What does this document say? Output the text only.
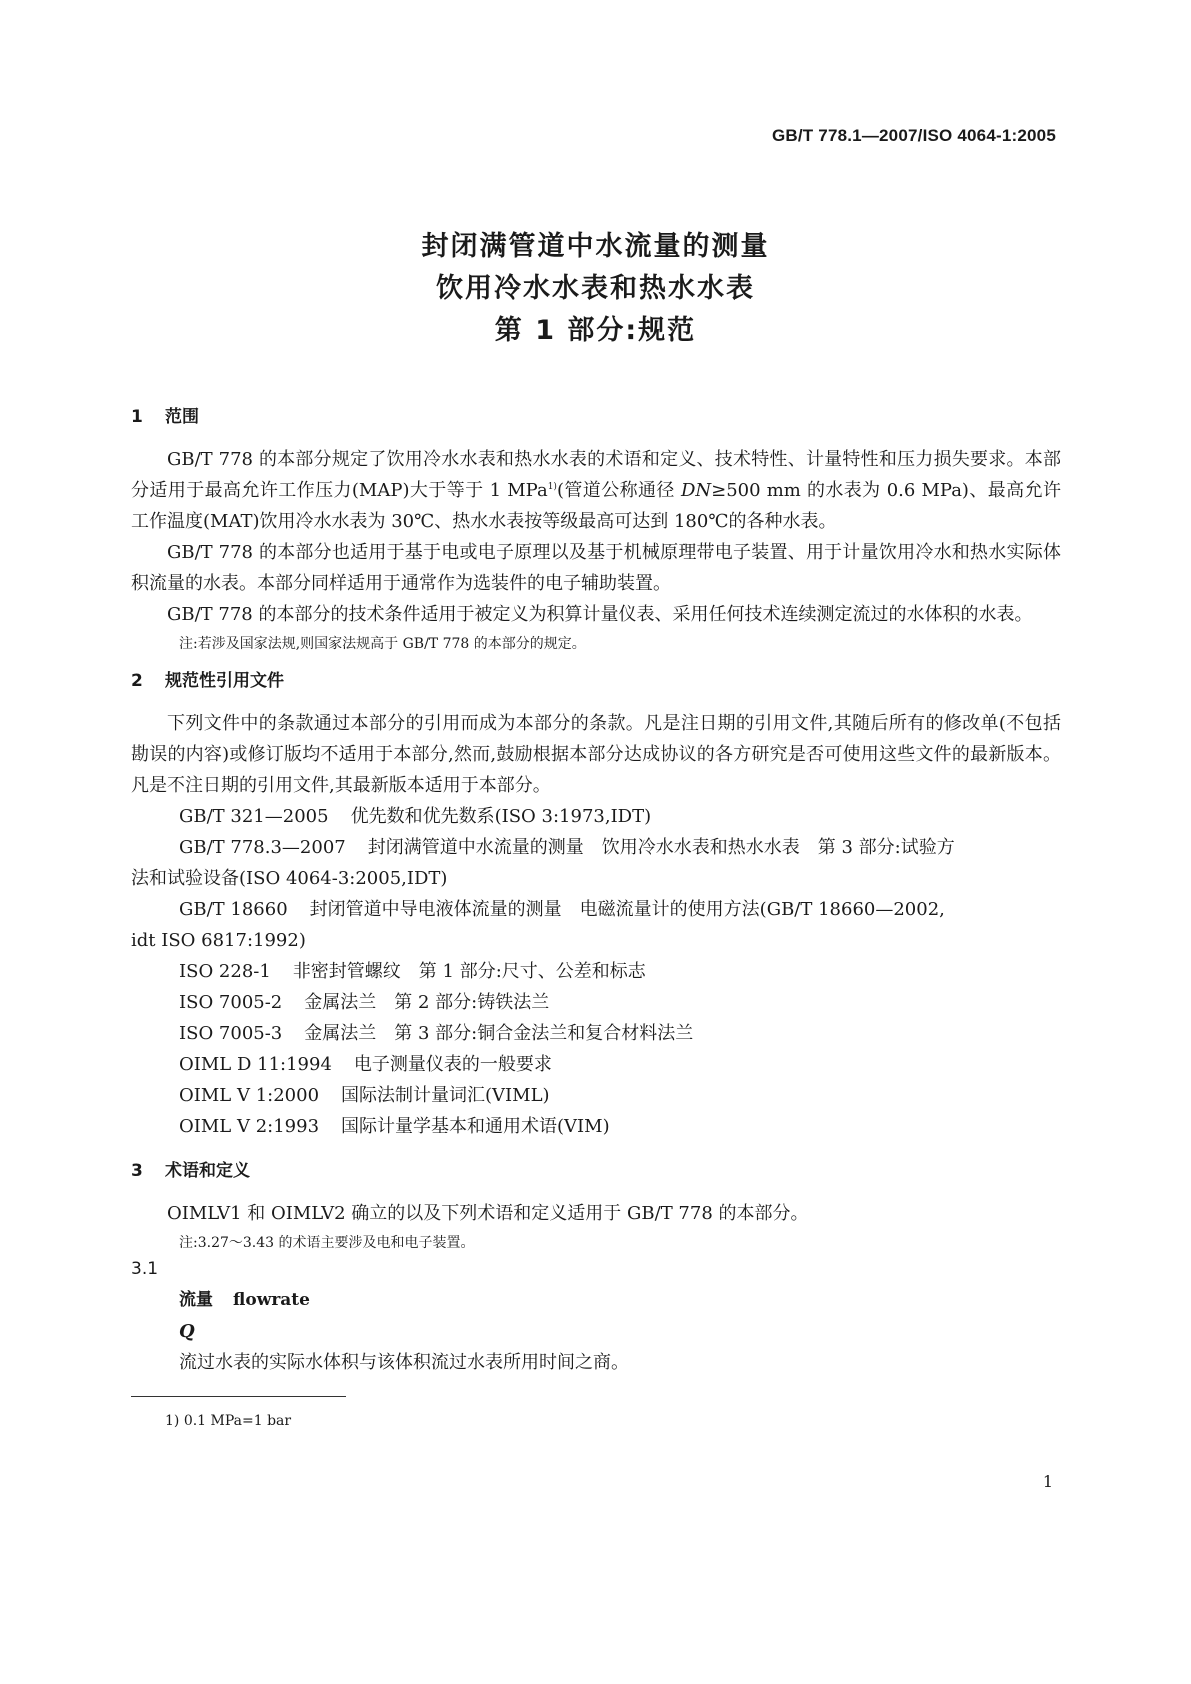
GB/T 778.1—2007/ISO 4064-1:2005
封闭满管道中水流量的测量
饮用冷水水表和热水水表
第 1 部分:规范
1 范围

GB/T 778 的本部分规定了饮用冷水水表和热水水表的术语和定义、技术特性、计量特性和压力损失要求。本部分适用于最高允许工作压力(MAP)大于等于 1 MPa$^{1)}$(管道公称通径 DN≥500 mm 的水表为 0.6 MPa)、最高允许工作温度(MAT)饮用冷水水表为 30℃、热水水表按等级最高可达到 180℃的各种水表。

GB/T 778 的本部分也适用于基于电或电子原理以及基于机械原理带电子装置、用于计量饮用冷水和热水实际体积流量的水表。本部分同样适用于通常作为选装件的电子辅助装置。

GB/T 778 的本部分的技术条件适用于被定义为积算计量仪表、采用任何技术连续测定流过的水体积的水表。

注:若涉及国家法规,则国家法规高于 GB/T 778 的本部分的规定。
2 规范性引用文件

下列文件中的条款通过本部分的引用而成为本部分的条款。凡是注日期的引用文件,其随后所有的修改单(不包括勘误的内容)或修订版均不适用于本部分,然而,鼓励根据本部分达成协议的各方研究是否可使用这些文件的最新版本。凡是不注日期的引用文件,其最新版本适用于本部分。

GB/T 321—2005 优先数和优先数系(ISO 3:1973,IDT)
GB/T 778.3—2007 封闭满管道中水流量的测量　饮用冷水水表和热水水表　第 3 部分:试验方
法和试验设备(ISO 4064-3:2005,IDT)
GB/T 18660 封闭管道中导电液体流量的测量　电磁流量计的使用方法(GB/T 18660—2002,
idt ISO 6817:1992)
ISO 228-1 非密封管螺纹　第 1 部分:尺寸、公差和标志
ISO 7005-2 金属法兰　第 2 部分:铸铁法兰
ISO 7005-3 金属法兰　第 3 部分:铜合金法兰和复合材料法兰
OIML D 11:1994 电子测量仪表的一般要求
OIML V 1:2000 国际法制计量词汇(VIML)
OIML V 2:1993 国际计量学基本和通用术语(VIM)
3 术语和定义

OIMLV1 和 OIMLV2 确立的以及下列术语和定义适用于 GB/T 778 的本部分。

注:3.27～3.43 的术语主要涉及电和电子装置。
3.1
流量 flowrate
Q
流过水表的实际水体积与该体积流过水表所用时间之商。
1) 0.1 MPa=1 bar
1
